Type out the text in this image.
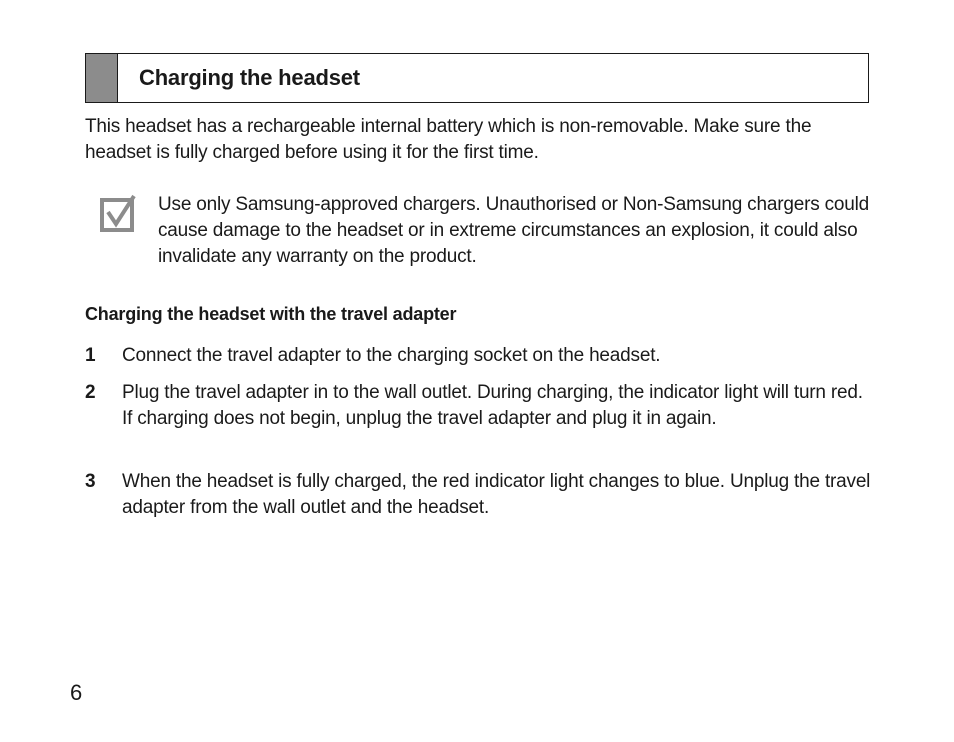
Charging the headset
This headset has a rechargeable internal battery which is non-removable. Make sure the headset is fully charged before using it for the first time.
Use only Samsung-approved chargers. Unauthorised or Non-Samsung chargers could cause damage to the headset or in extreme circumstances an explosion, it could also invalidate any warranty on the product.
Charging the headset with the travel adapter
1 Connect the travel adapter to the charging socket on the headset.
2 Plug the travel adapter in to the wall outlet. During charging, the indicator light will turn red. If charging does not begin, unplug the travel adapter and plug it in again.
3 When the headset is fully charged, the red indicator light changes to blue. Unplug the travel adapter from the wall outlet and the headset.
6
